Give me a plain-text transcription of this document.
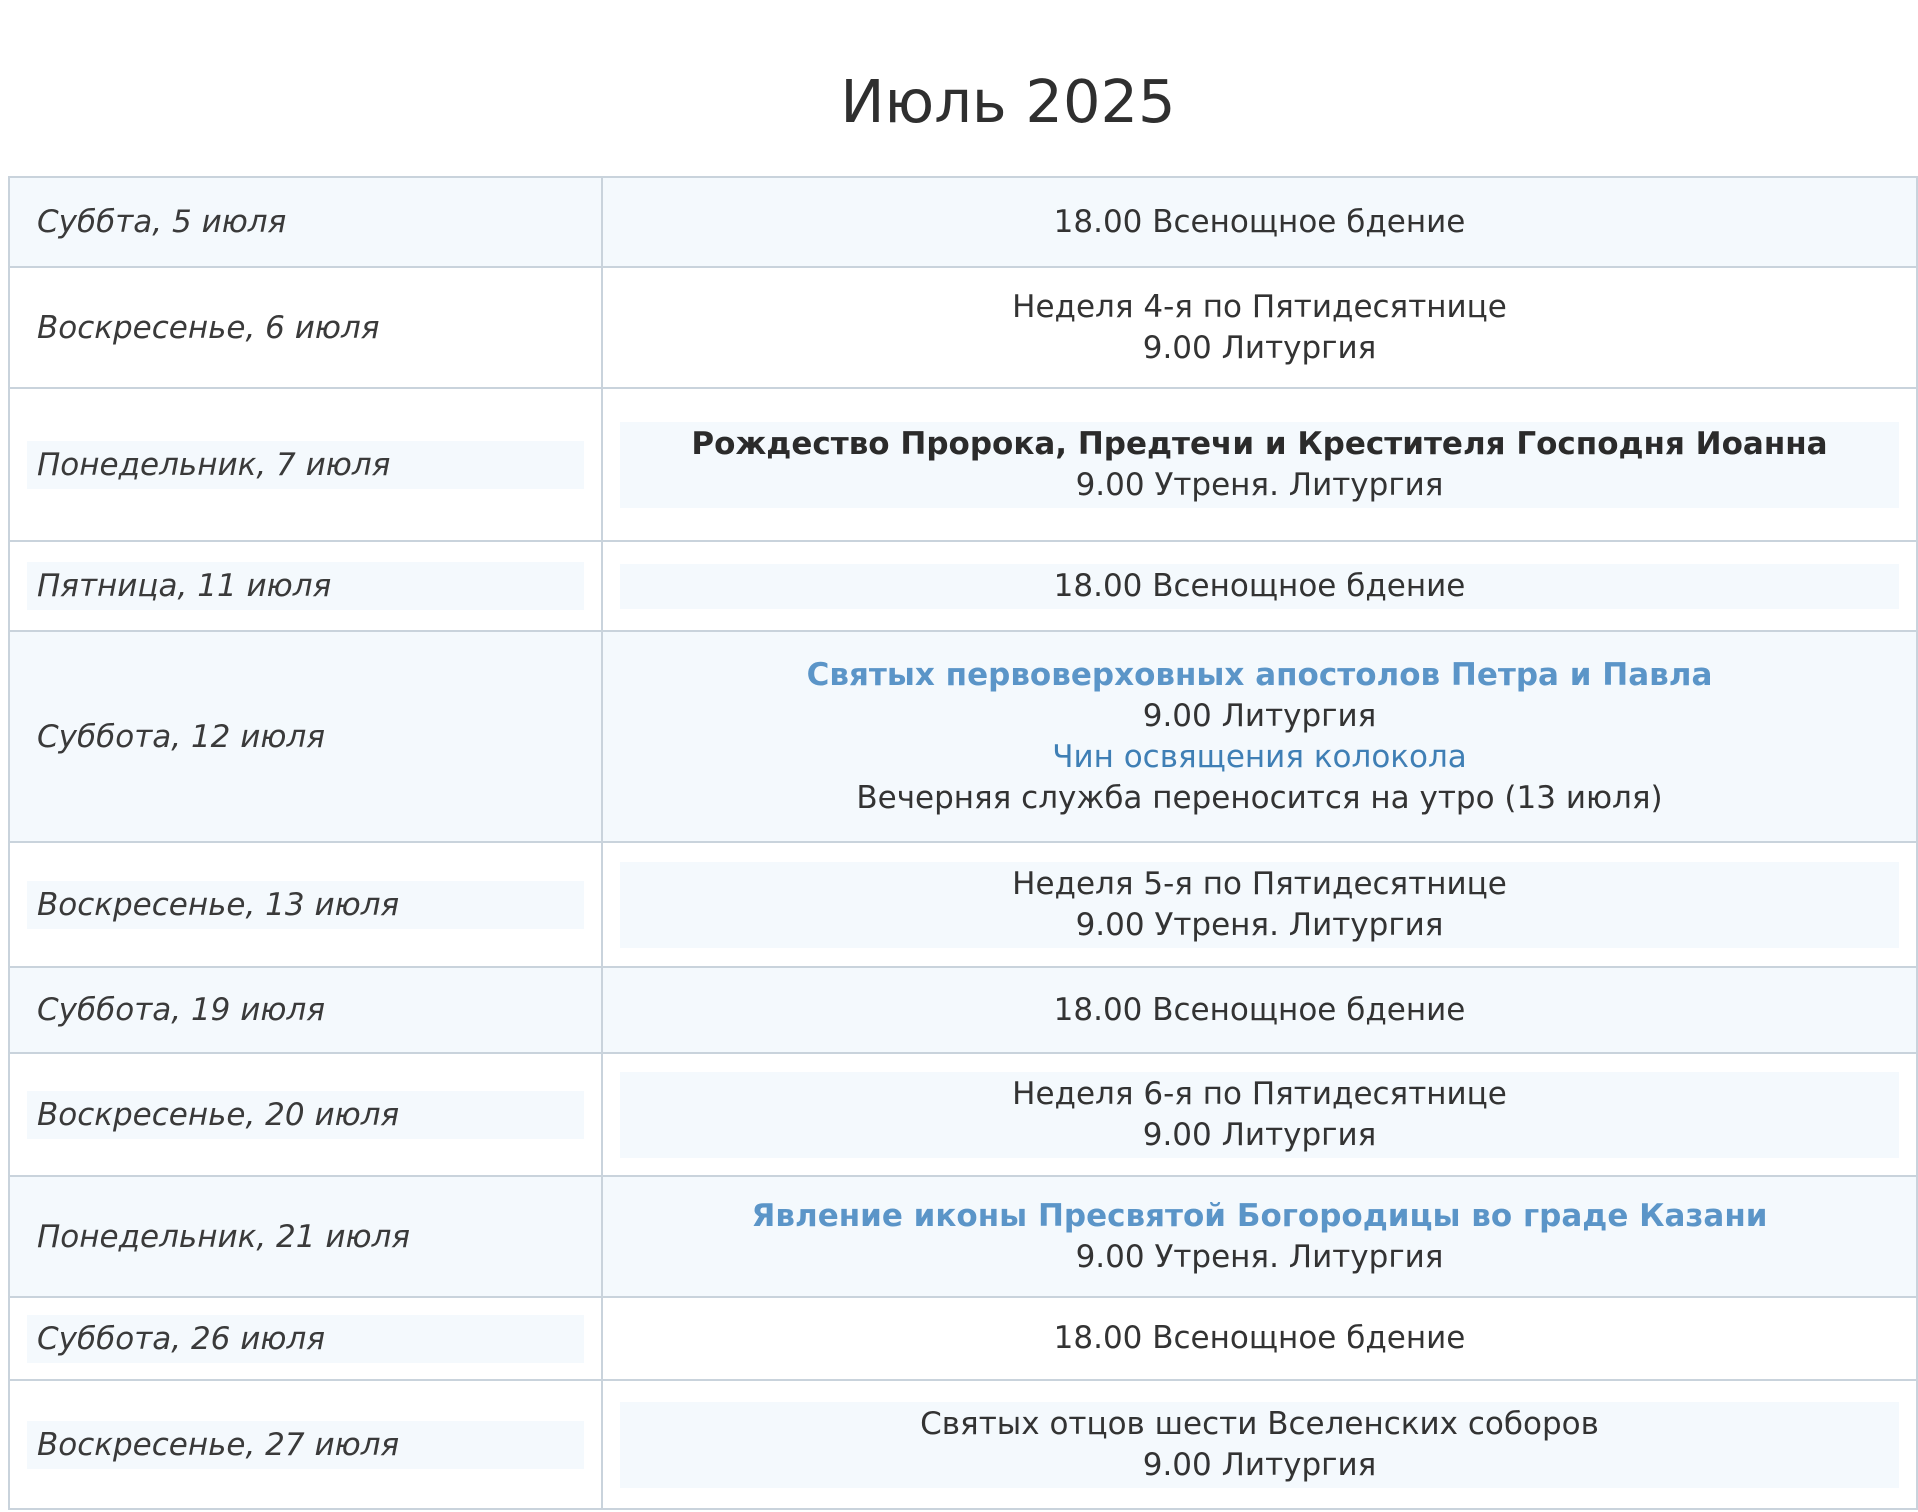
Июль 2025
Суббта, 5 июля	18.00 Всенощное бдение

Воскресенье, 6 июля	Неделя 4-я по Пятидесятнице
9.00 Литургия

Понедельник, 7 июля	Рождество Пророка, Предтечи и Крестителя Господня Иоанна
9.00 Утреня. Литургия

Пятница, 11 июля	18.00 Всенощное бдение

Суббота, 12 июля	Святых первоверховных апостолов Петра и Павла
9.00 Литургия
Чин освящения колокола
Вечерняя служба переносится на утро (13 июля)

Воскресенье, 13 июля	Неделя 5-я по Пятидесятнице
9.00 Утреня. Литургия

Суббота, 19 июля	18.00 Всенощное бдение

Воскресенье, 20 июля	Неделя 6-я по Пятидесятнице
9.00 Литургия

Понедельник, 21 июля	Явление иконы Пресвятой Богородицы во граде Казани
9.00 Утреня. Литургия

Суббота, 26 июля	18.00 Всенощное бдение

Воскресенье, 27 июля	Святых отцов шести Вселенских соборов
9.00 Литургия
